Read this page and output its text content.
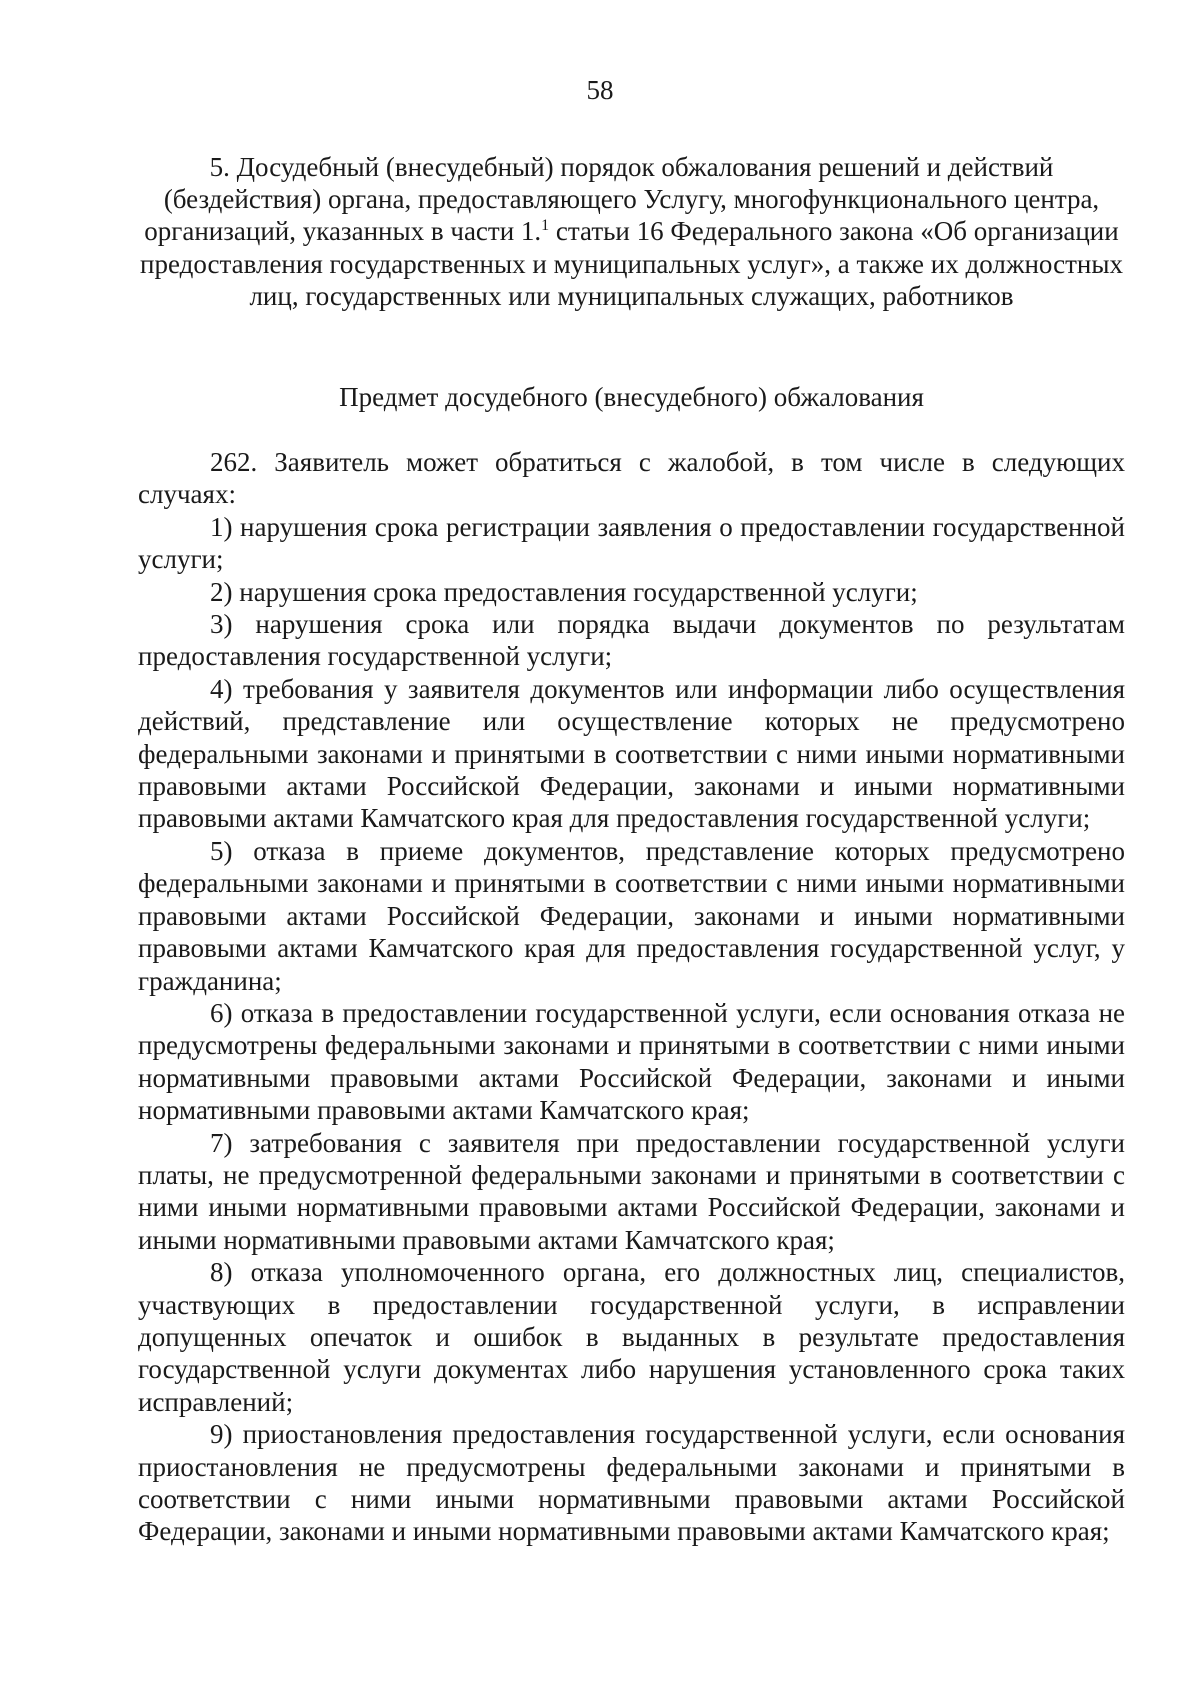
58
5. Досудебный (внесудебный) порядок обжалования решений и действий (бездействия) органа, предоставляющего Услугу, многофункционального центра, организаций, указанных в части 1.$^1$ статьи 16 Федерального закона «Об организации предоставления государственных и муниципальных услуг», а также их должностных лиц, государственных или муниципальных служащих, работников
Предмет досудебного (внесудебного) обжалования

262. Заявитель может обратиться с жалобой, в том числе в следующих случаях:

1) нарушения срока регистрации заявления о предоставлении государственной услуги;

2) нарушения срока предоставления государственной услуги;

3) нарушения срока или порядка выдачи документов по результатам предоставления государственной услуги;

4) требования у заявителя документов или информации либо осуществления действий, представление или осуществление которых не предусмотрено федеральными законами и принятыми в соответствии с ними иными нормативными правовыми актами Российской Федерации, законами и иными нормативными правовыми актами Камчатского края для предоставления государственной услуги;

5) отказа в приеме документов, представление которых предусмотрено федеральными законами и принятыми в соответствии с ними иными нормативными правовыми актами Российской Федерации, законами и иными нормативными правовыми актами Камчатского края для предоставления государственной услуг, у гражданина;

6) отказа в предоставлении государственной услуги, если основания отказа не предусмотрены федеральными законами и принятыми в соответствии с ними иными нормативными правовыми актами Российской Федерации, законами и иными нормативными правовыми актами Камчатского края;

7) затребования с заявителя при предоставлении государственной услуги платы, не предусмотренной федеральными законами и принятыми в соответствии с ними иными нормативными правовыми актами Российской Федерации, законами и иными нормативными правовыми актами Камчатского края;

8) отказа уполномоченного органа, его должностных лиц, специалистов, участвующих в предоставлении государственной услуги, в исправлении допущенных опечаток и ошибок в выданных в результате предоставления государственной услуги документах либо нарушения установленного срока таких исправлений;

9) приостановления предоставления государственной услуги, если основания приостановления не предусмотрены федеральными законами и принятыми в соответствии с ними иными нормативными правовыми актами Российской Федерации, законами и иными нормативными правовыми актами Камчатского края;
